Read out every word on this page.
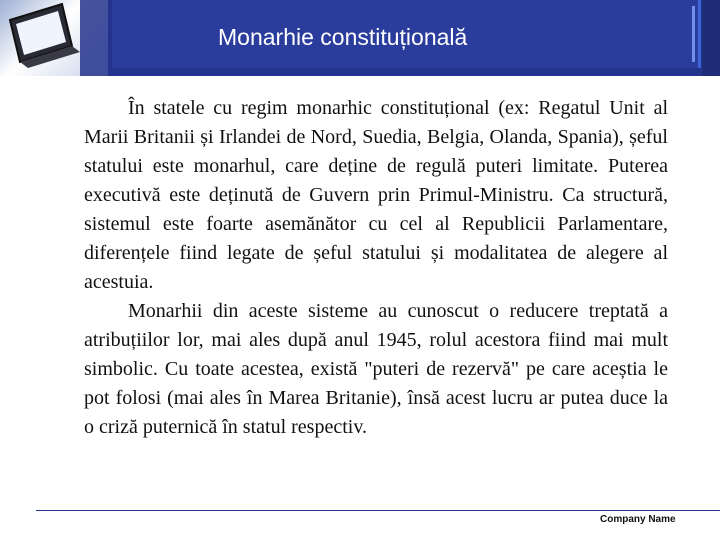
Monarhie constituțională

În statele cu regim monarhic constituțional (ex: Regatul Unit al Marii Britanii și Irlandei de Nord, Suedia, Belgia, Olanda, Spania), șeful statului este monarhul, care deține de regulă puteri limitate. Puterea executivă este deținută de Guvern prin Primul-Ministru. Ca structură, sistemul este foarte asemănător cu cel al Republicii Parlamentare, diferențele fiind legate de șeful statului și modalitatea de alegere al acestuia.

Monarhii din aceste sisteme au cunoscut o reducere treptată a atribuțiilor lor, mai ales după anul 1945, rolul acestora fiind mai mult simbolic. Cu toate acestea, există "puteri de rezervă" pe care aceștia le pot folosi (mai ales în Marea Britanie), însă acest lucru ar putea duce la o criză puternică în statul respectiv.

Company Name
